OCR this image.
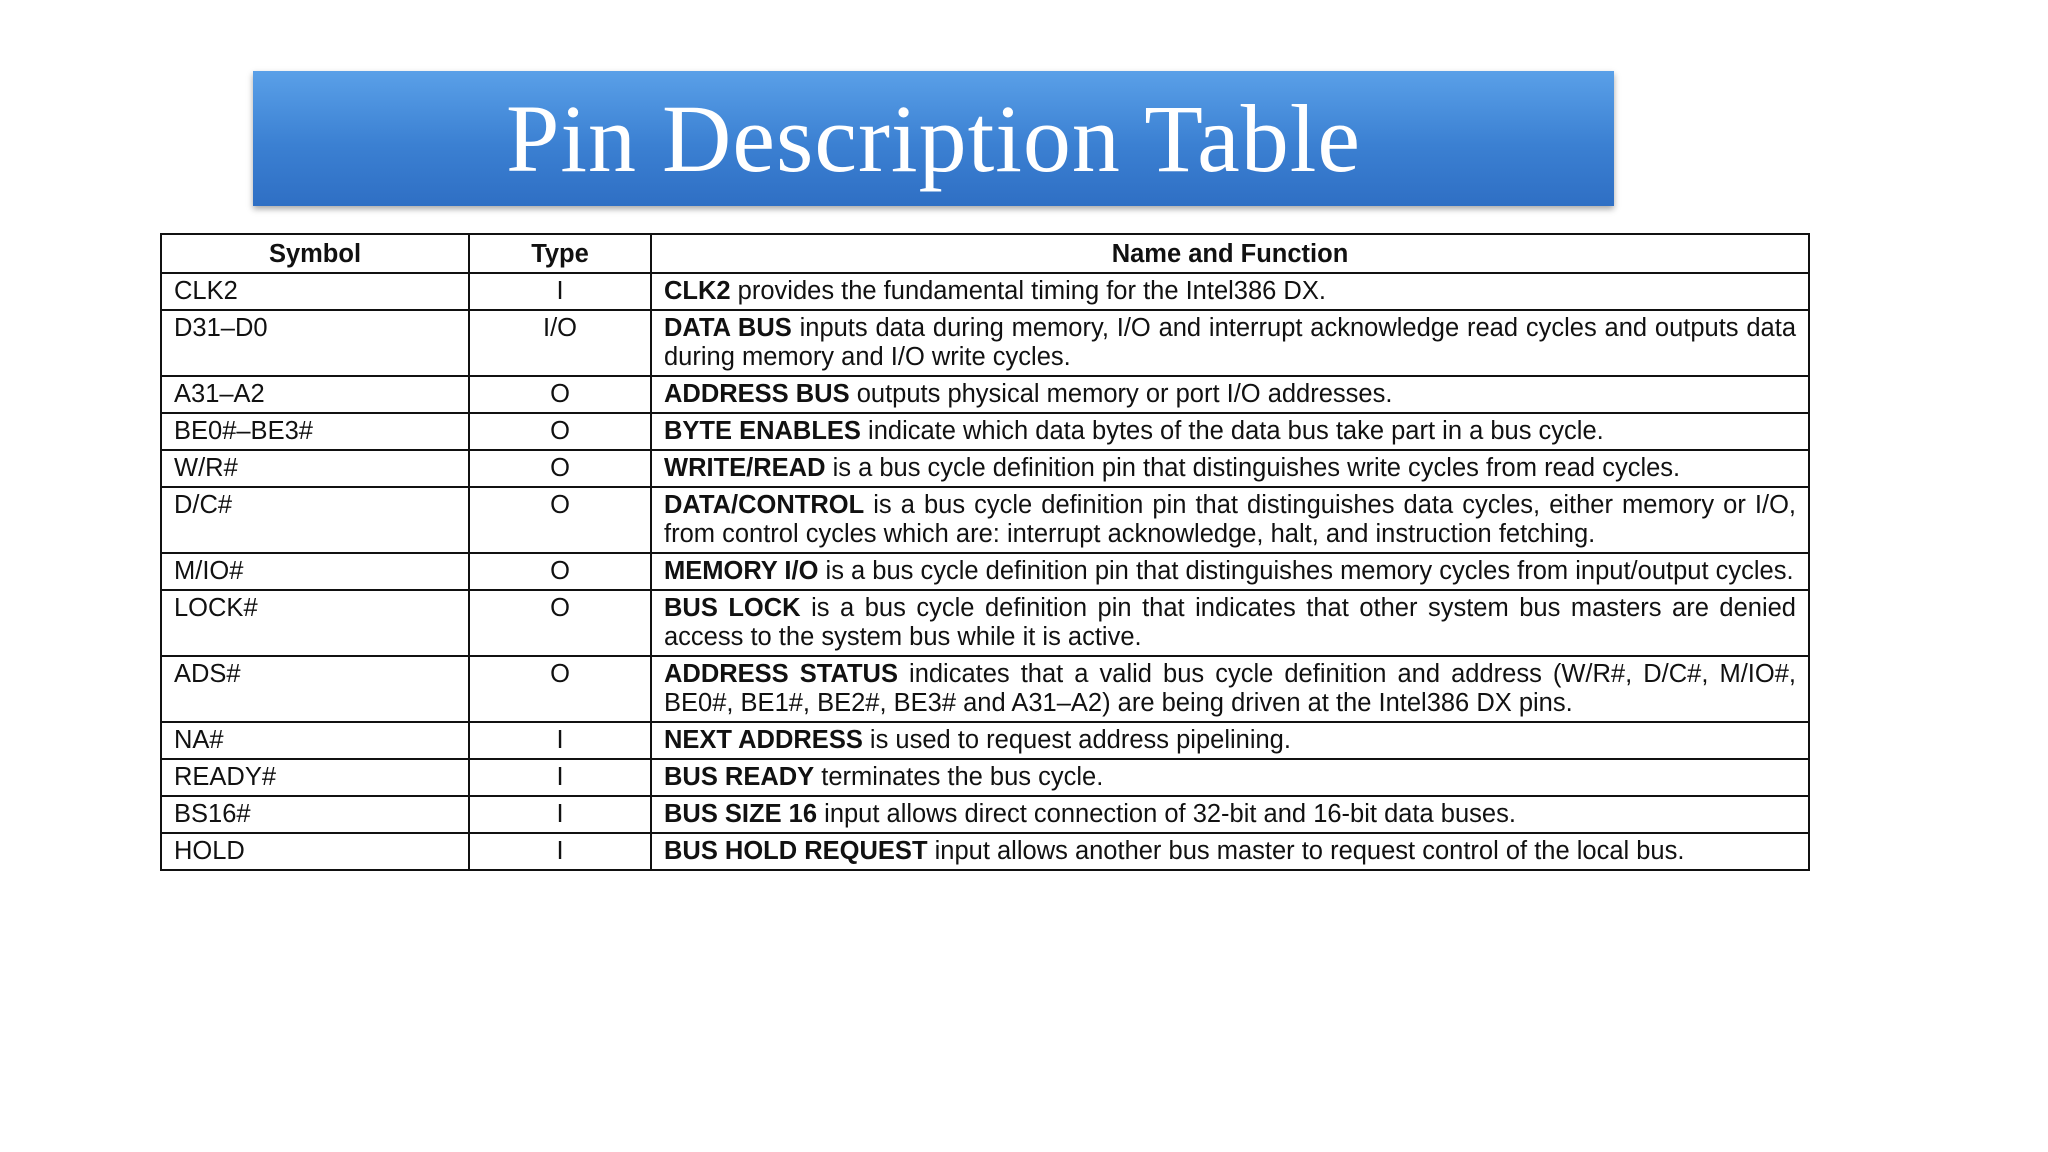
Pin Description Table
Symbol	Type	Name and Function
CLK2	I	CLK2 provides the fundamental timing for the Intel386 DX.
D31–D0	I/O	DATA BUS inputs data during memory, I/O and interrupt acknowledge read cycles and outputs data during memory and I/O write cycles.
A31–A2	O	ADDRESS BUS outputs physical memory or port I/O addresses.
BE0#–BE3#	O	BYTE ENABLES indicate which data bytes of the data bus take part in a bus cycle.
W/R#	O	WRITE/READ is a bus cycle definition pin that distinguishes write cycles from read cycles.
D/C#	O	DATA/CONTROL is a bus cycle definition pin that distinguishes data cycles, either memory or I/O, from control cycles which are: interrupt acknowledge, halt, and instruction fetching.
M/IO#	O	MEMORY I/O is a bus cycle definition pin that distinguishes memory cycles from input/output cycles.
LOCK#	O	BUS LOCK is a bus cycle definition pin that indicates that other system bus masters are denied access to the system bus while it is active.
ADS#	O	ADDRESS STATUS indicates that a valid bus cycle definition and address (W/R#, D/C#, M/IO#, BE0#, BE1#, BE2#, BE3# and A31–A2) are being driven at the Intel386 DX pins.
NA#	I	NEXT ADDRESS is used to request address pipelining.
READY#	I	BUS READY terminates the bus cycle.
BS16#	I	BUS SIZE 16 input allows direct connection of 32-bit and 16-bit data buses.
HOLD	I	BUS HOLD REQUEST input allows another bus master to request control of the local bus.
